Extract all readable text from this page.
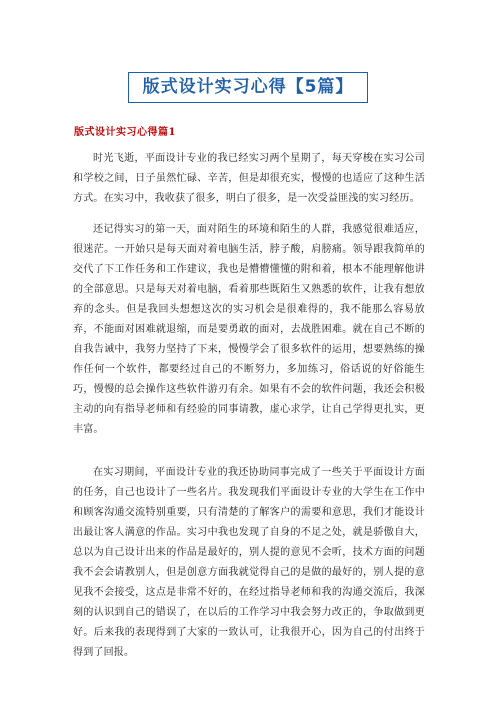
版式设计实习心得【5篇】
版式设计实习心得篇1

时光飞逝，平面设计专业的我已经实习两个星期了，每天穿梭在实习公司和学校之间，日子虽然忙碌、辛苦，但是却很充实，慢慢的也适应了这种生活方式。在实习中，我收获了很多，明白了很多，是一次受益匪浅的实习经历。

还记得实习的第一天，面对陌生的环境和陌生的人群，我感觉很难适应，很迷茫。一开始只是每天面对着电脑生活，脖子酸，肩膀痛。领导跟我简单的交代了下工作任务和工作建议，我也是懵懵懂懂的附和着，根本不能理解他讲的全部意思。只是每天对着电脑，看着那些既陌生又熟悉的软件，让我有想放弃的念头。但是我回头想想这次的实习机会是很难得的，我不能那么容易放弃，不能面对困难就退缩，而是要勇敢的面对，去战胜困难。就在自己不断的自我告诫中，我努力坚持了下来，慢慢学会了很多软件的运用，想要熟练的操作任何一个软件，都要经过自己的不断努力，多加练习，俗话说的好俗能生巧，慢慢的总会操作这些软件游刃有余。如果有不会的软件问题，我还会积极主动的向有指导老师和有经验的同事请教，虚心求学，让自己学得更扎实，更丰富。

在实习期间，平面设计专业的我还协助同事完成了一些关于平面设计方面的任务，自己也设计了一些名片。我发现我们平面设计专业的大学生在工作中和顾客沟通交流特别重要，只有清楚的了解客户的需要和意思，我们才能设计出最让客人满意的作品。实习中我也发现了自身的不足之处，就是骄傲自大，总以为自己设计出来的作品是最好的，别人提的意见不会听，技术方面的问题我不会会请教别人，但是创意方面我就觉得自己的是做的最好的，别人提的意见我不会接受，这点是非常不好的，在经过指导老师和我的沟通交流后，我深刻的认识到自己的错误了，在以后的工作学习中我会努力改正的，争取做到更好。后来我的表现得到了大家的一致认可，让我很开心，因为自己的付出终于得到了回报。
